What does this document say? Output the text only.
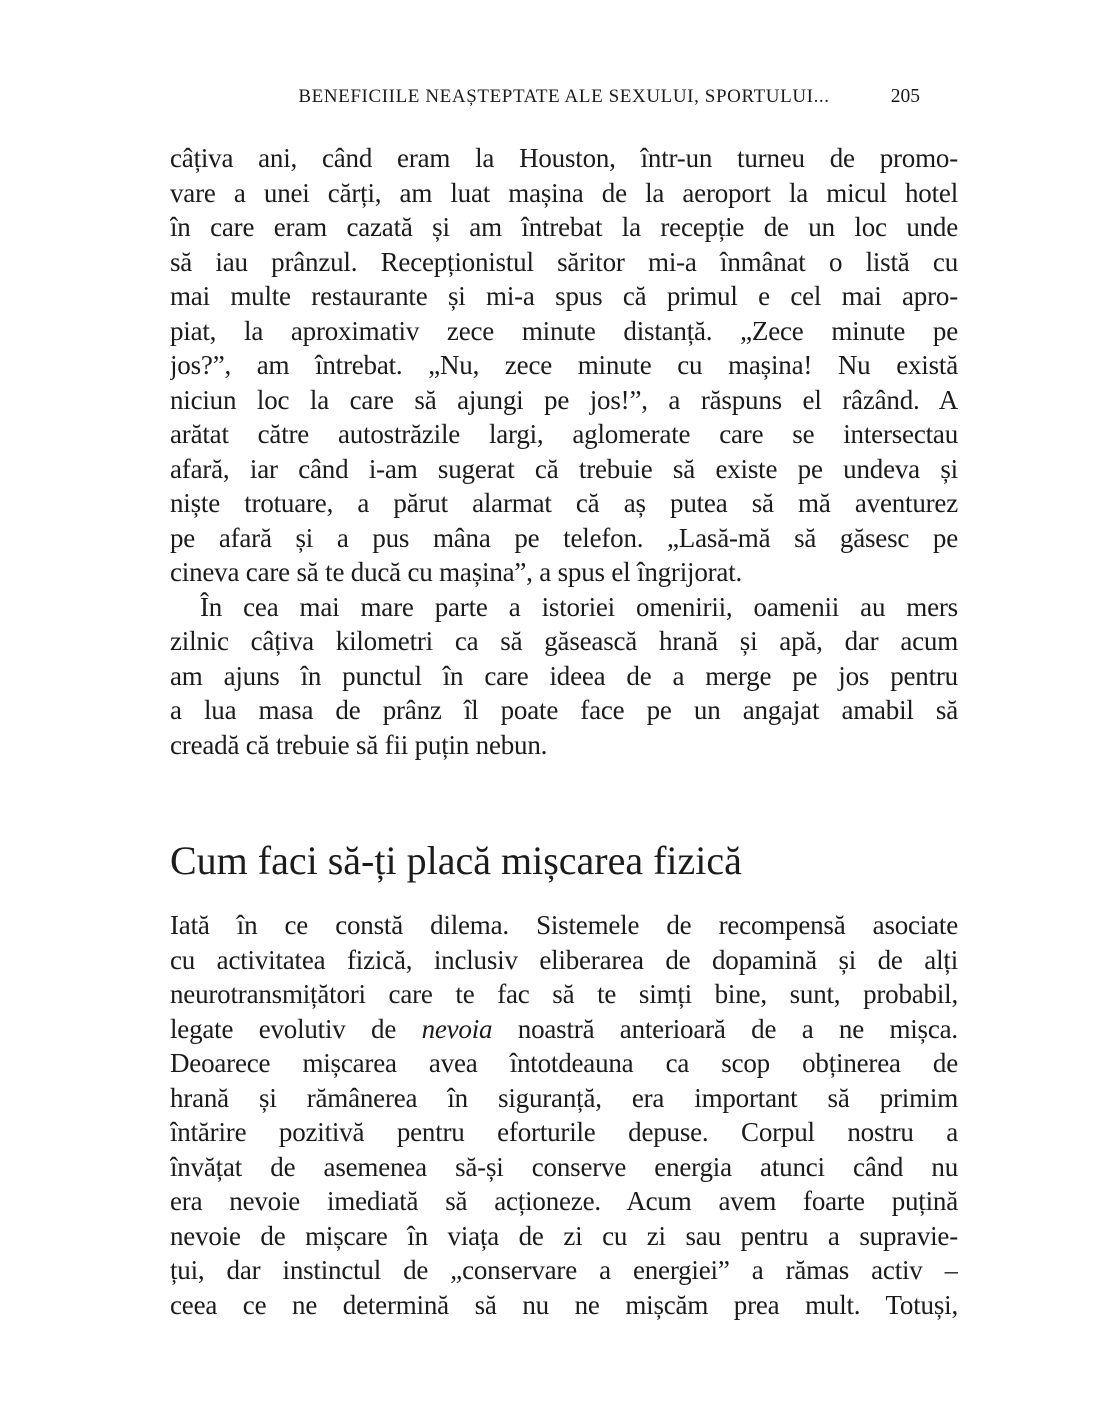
BENEFICIILE NEAȘTEPTATE ALE SEXULUI, SPORTULUI...	205
câțiva ani, când eram la Houston, într-un turneu de promo-
vare a unei cărți, am luat mașina de la aeroport la micul hotel
în care eram cazată și am întrebat la recepție de un loc unde
să iau prânzul. Recepționistul săritor mi-a înmânat o listă cu
mai multe restaurante și mi-a spus că primul e cel mai apro-
piat, la aproximativ zece minute distanță. „Zece minute pe
jos?”, am întrebat. „Nu, zece minute cu mașina! Nu există
niciun loc la care să ajungi pe jos!”, a răspuns el râzând. A
arătat către autostrăzile largi, aglomerate care se intersectau
afară, iar când i-am sugerat că trebuie să existe pe undeva și
niște trotuare, a părut alarmat că aș putea să mă aventurez
pe afară și a pus mâna pe telefon. „Lasă-mă să găsesc pe
cineva care să te ducă cu mașina”, a spus el îngrijorat.
În cea mai mare parte a istoriei omenirii, oamenii au mers
zilnic câțiva kilometri ca să găsească hrană și apă, dar acum
am ajuns în punctul în care ideea de a merge pe jos pentru
a lua masa de prânz îl poate face pe un angajat amabil să
creadă că trebuie să fii puțin nebun.
Cum faci să-ți placă mișcarea fizică
Iată în ce constă dilema. Sistemele de recompensă asociate
cu activitatea fizică, inclusiv eliberarea de dopamină și de alți
neurotransmițători care te fac să te simți bine, sunt, probabil,
legate evolutiv de nevoia noastră anterioară de a ne mișca.
Deoarece mișcarea avea întotdeauna ca scop obținerea de
hrană și rămânerea în siguranță, era important să primim
întărire pozitivă pentru eforturile depuse. Corpul nostru a
învățat de asemenea să-și conserve energia atunci când nu
era nevoie imediată să acționeze. Acum avem foarte puțină
nevoie de mișcare în viața de zi cu zi sau pentru a supravie-
țui, dar instinctul de „conservare a energiei” a rămas activ –
ceea ce ne determină să nu ne mișcăm prea mult. Totuși,
